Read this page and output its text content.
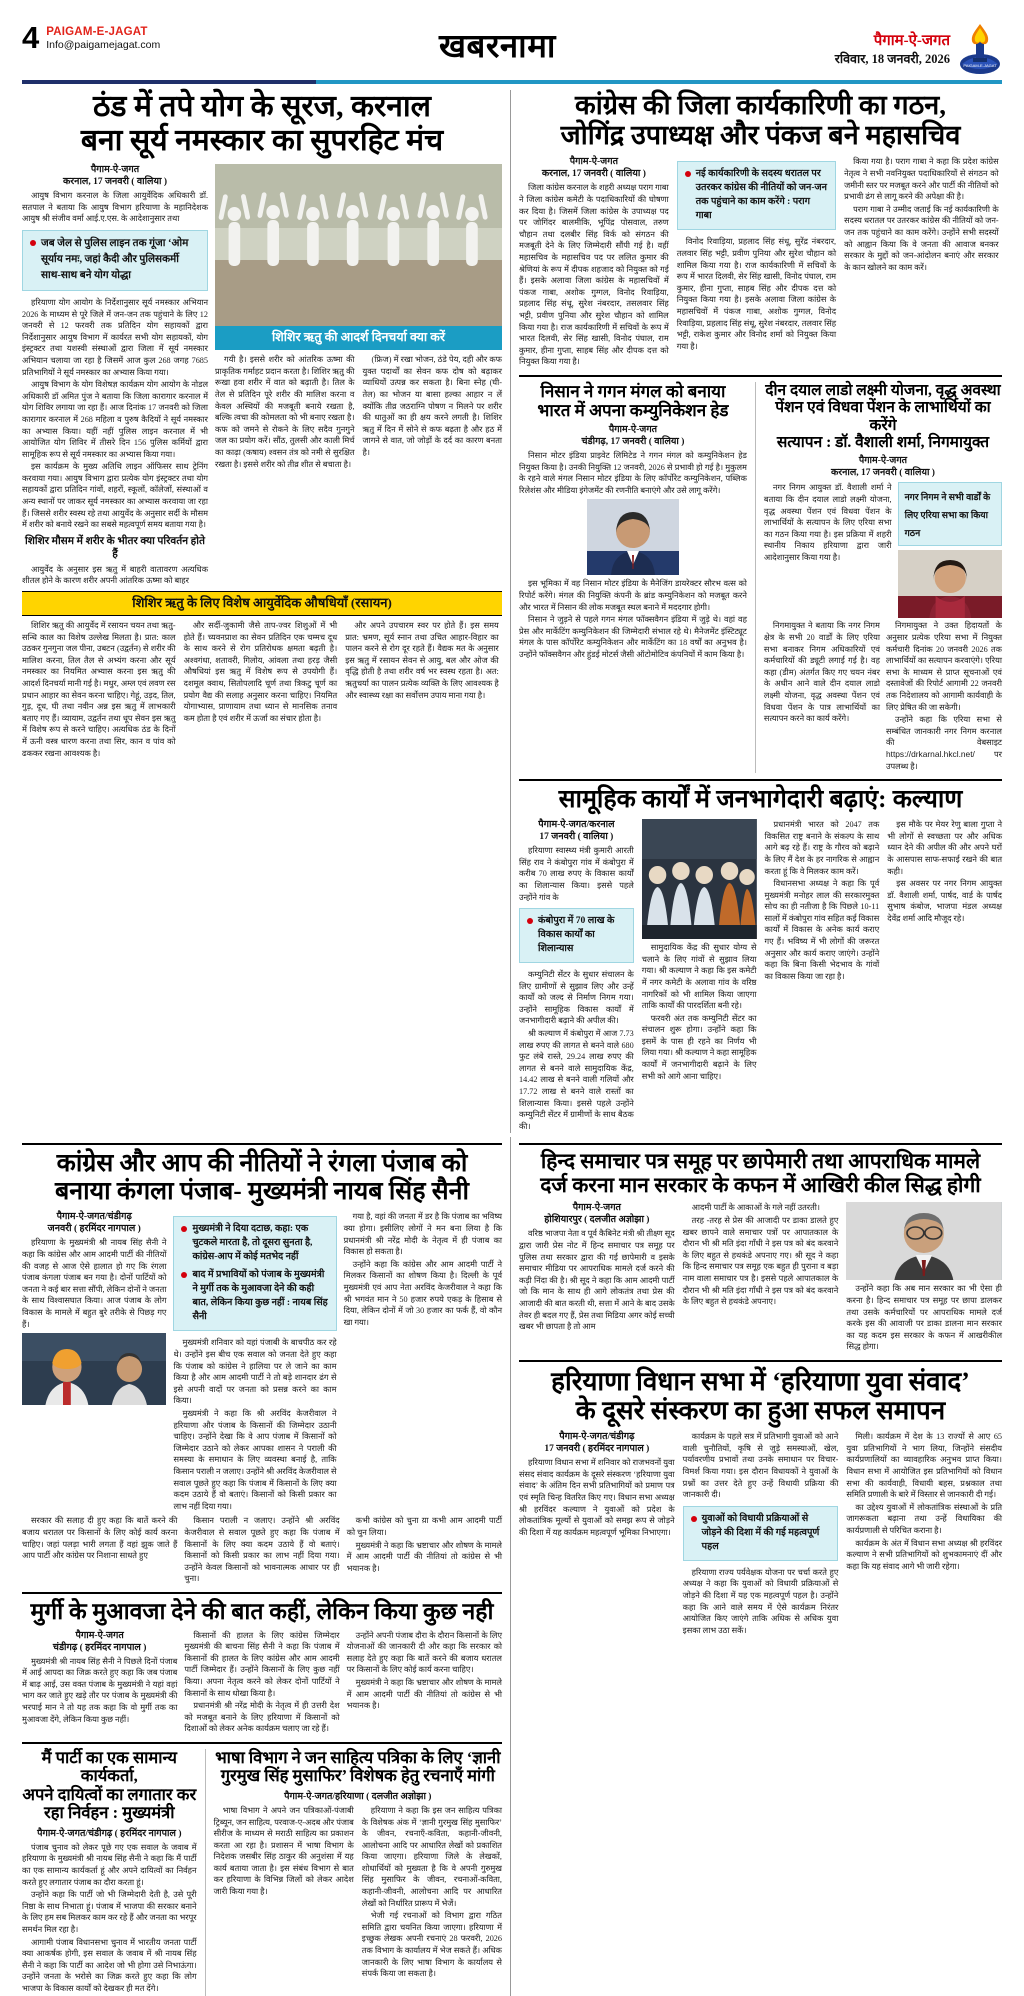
4 PAIGAM-E-JAGAT
Info@paigamejagat.com	खबरनामा	पैगाम-ऐ-जगत
रविवार, 18 जनवरी, 2026	PAIGAM-E-JAGAT
ठंड में तपे योग के सूरज, करनाल
बना सूर्य नमस्कार का सुपरहिट मंच
पैगाम-ऐ-जगत
करनाल, 17 जनवरी ( वालिया )

आयुष विभाग करनाल के जिला आयुर्वेदिक अधिकारी डॉ. सतपाल ने बताया कि आयुष विभाग हरियाणा के महानिदेशक आयुष श्री संजीव वर्मा आई.ए.एस. के आदेशानुसार तथा

जब जेल से पुलिस लाइन तक गूंजा ‘ओम सूर्याय नमः, जहां कैदी और पुलिसकर्मी साथ-साथ बने योग योद्धा

हरियाणा योग आयोग के निर्देशानुसार सूर्य नमस्कार अभियान 2026 के माध्यम से पूरे जिले में जन-जन तक पहुंचाने के लिए 12 जनवरी से 12 फरवरी तक प्रतिदिन योग सहायकों द्वारा निर्देशानुसार आयुष विभाग में कार्यरत सभी योग सहायकों, योग इंस्ट्रक्टर तथा यशस्वी संस्थाओं द्वारा जिला में सूर्य नमस्कार अभियान चलाया जा रहा है जिसमें आज कुल 268 जगह 7685 प्रतिभागियों ने सूर्य नमस्कार का अभ्यास किया गया।

आयुष विभाग के योग विशेषज्ञ कार्यक्रम योग आयोग के नोडल अधिकारी डॉ अमित पुंज ने बताया कि जिला कारागार करनाल में योग शिविर लगाया जा रहा हैं। आज दिनांक 17 जनवरी को जिला कारागार करनाल में 268 महिला व पुरुष कैदियों ने सूर्य नमस्कार का अभ्यास किया। यहीं नहीं पुलिस लाइन करनाल में भी आयोजित योग शिविर में तीसरे दिन 156 पुलिस कर्मियों द्वारा सामूहिक रूप से सूर्य नमस्कार का अभ्यास किया गया।

इस कार्यक्रम के मुख्य अतिथि लाइन ऑफिसर साथ ट्रेनिंग करवाया गया। आयुष विभाग द्वारा प्रत्येक योग इंस्ट्रक्टर तथा योग सहायकों द्वारा प्रतिदिन गांवों, शहरों, स्कूलों, कॉलेजों, संस्थाओं व अन्य स्थानों पर जाकर सूर्य नमस्कार का अभ्यास करवाया जा रहा हैं। जिससे शरीर स्वस्थ रहे तथा आयुर्वेद के अनुसार सर्दी के मौसम में शरीर को बनाये रखने का सबसे महत्वपूर्ण समय बताया गया है।

शिशिर मौसम में शरीर के भीतर क्या परिवर्तन होते हैं

आयुर्वेद के अनुसार इस ऋतु में बाहरी वातावरण अत्यधिक शीतल होने के कारण शरीर अपनी आंतरिक ऊष्मा को बाहर

शिशिर ऋतु की आदर्श दिनचर्या क्या करें

गयी है। इससे शरीर को आंतरिक ऊष्मा की प्राकृतिक गर्माहट प्रदान करता है। शिशिर ऋतु की रूखा हवा शरीर में वात को बढ़ाती है। तिल के तेल से प्रतिदिन पूरे शरीर की मालिश करना व केवल अस्थियों की मजबूती बनाये रखता है, बल्कि त्वचा की कोमलता को भी बनाए रखता है। कफ को जमने से रोकने के लिए सदैव गुनगुने जल का प्रयोग करें। सौंठ, तुलसी और काली मिर्च का काढ़ा (कषाय) श्वसन तंत्र को नमी से सुरक्षित रखता है। इससे शरीर को तीव्र शीत से बचाता है।

(फ्रिज) में रखा भोजन, ठंडे पेय, दही और कफ युक्त पदार्थों का सेवन कफ दोष को बढ़ाकर व्याधियों उत्पन्न कर सकता है। बिना स्नेह (घी-तेल) का भोजन या बासा हल्का आहार न लें क्योंकि तीव्र जठराग्नि पोषण न मिलने पर शरीर की धातुओं का ही क्षय करने लगती है। शिशिर ऋतु में दिन में सोने से कफ बढ़ता है और हठ में जागने से वात, जो जोड़ों के दर्द का कारण बनता है।

शिशिर ऋतु के लिए विशेष आयुर्वेदिक औषधियाँ (रसायन)

शिशिर ऋतु की आयुर्वेद में रसायन चयन तथा ऋतु-सन्धि काल का विशेष उल्लेख मिलता है। प्रात: काल उठकर गुनगुना जल पीना, उबटन (उद्वर्तन) से शरीर की मालिश करना, तिल तैल से अभ्यंग करना और सूर्य नमस्कार का नियमित अभ्यास करना इस ऋतु की आदर्श दिनचर्या मानी गई है। मधुर, अम्ल एवं लवण रस प्रधान आहार का सेवन करना चाहिए। गेहूं, उड़द, तिल, गुड़, दूध, घी तथा नवीन अन्न इस ऋतु में लाभकारी बताए गए हैं। व्यायाम, उद्वर्तन तथा धूप सेवन इस ऋतु में विशेष रूप से करने चाहिए। अत्यधिक ठंड के दिनों में ऊनी वस्त्र धारण करना तथा सिर, कान व पांव को ढककर रखना आवश्यक है।

और सर्दी-जुकामी जैसे ताप-ज्वर शिशुओं में भी होते हैं। च्यवनप्राश का सेवन प्रतिदिन एक चम्मच दूध के साथ करने से रोग प्रतिरोधक क्षमता बढ़ती है। अश्वगंधा, शतावरी, गिलोय, आंवला तथा हरड़ जैसी औषधियां इस ऋतु में विशेष रूप से उपयोगी हैं। दशमूल क्वाथ, सितोपलादि चूर्ण तथा त्रिकटु चूर्ण का प्रयोग वैद्य की सलाह अनुसार करना चाहिए। नियमित योगाभ्यास, प्राणायाम तथा ध्यान से मानसिक तनाव कम होता है एवं शरीर में ऊर्जा का संचार होता है।

और अपने उपचारम स्वर पर होते हैं। इस समय प्रात: भ्रमण, सूर्य स्नान तथा उचित आहार-विहार का पालन करने से रोग दूर रहते हैं। वैद्यक मत के अनुसार इस ऋतु में रसायन सेवन से आयु, बल और ओज की वृद्धि होती है तथा शरीर वर्ष भर स्वस्थ रहता है। अत: ऋतुचर्या का पालन प्रत्येक व्यक्ति के लिए आवश्यक है और स्वास्थ्य रक्षा का सर्वोत्तम उपाय माना गया है।

कांग्रेस की जिला कार्यकारिणी का गठन,
जोगिंद्र उपाध्यक्ष और पंकज बने महासचिव
पैगाम-ऐ-जगत
करनाल, 17 जनवरी ( वालिया )

जिला कांग्रेस करनाल के शहरी अध्यक्ष पराग गाबा ने जिला कांग्रेस कमेटी के पदाधिकारियों की घोषणा कर दिया है। जिसमें जिला कांग्रेस के उपाध्यक्ष पद पर जोगिंदर बालमीकि, भूपिंद्र पोसवाल, तरुण चौहान तथा दलबीर सिंह विर्क को संगठन की मजबूती देने के लिए जिम्मेदारी सौंपी गई है। वहीं महासचिव के महासचिव पद पर ललित कुमार की श्रेणियां के रूप में दीपक शहजाद को नियुक्त को गई हैं। इसके अलावा जिला कांग्रेस के महासचिवों में पंकज गाबा, अशोक गुग्गल, विनोद रिवाड़िया, प्रहलाद सिंह संधू, सुरेश नंबरदार, तसलवार सिंह भट्टी, प्रवीण पुनिया और सुरेश चौहान को शामिल किया गया है। राज कार्यकारिणी में सचिवों के रूप में भारत दिलवी, सेर सिंह खासी, विनोद पंघाल, राम कुमार, हीना गुप्ता, साहब सिंह और दीपक दत्त को नियुक्त किया गया है।

नई कार्यकारिणी के सदस्य धरातल पर उतरकर कांग्रेस की नीतियों को जन-जन तक पहुंचाने का काम करेंगे : पराग गाबा

विनोद रिवाड़िया, प्रहलाद सिंह संधू, सुरेंद्र नंबरदार, तलवार सिंह भट्टी, प्रवीण पुनिया और सुरेश चौहान को शामिल किया गया है। राज कार्यकारिणी में सचिवों के रूप में भारत दिलवी, सेर सिंह खासी, विनोद पंघाल, राम कुमार, हीना गुप्ता, साहब सिंह और दीपक दत्त को नियुक्त किया गया है। इसके अलावा जिला कांग्रेस के महासचिवों में पंकज गाबा, अशोक गुग्गल, विनोद रिवाड़िया, प्रहलाद सिंह संधू, सुरेश नंबरदार, तलवार सिंह भट्टी, राकेश कुमार और विनोद शर्मा को नियुक्त किया गया है।

किया गया है। पराग गाबा ने कहा कि प्रदेश कांग्रेस नेतृत्व ने सभी नवनियुक्त पदाधिकारियों से संगठन को जमीनी स्तर पर मजबूत करने और पार्टी की नीतियों को प्रभावी ढंग से लागू करने की अपेक्षा की है।

पराग गाबा ने उम्मीद जताई कि नई कार्यकारिणी के सदस्य धरातल पर उतरकर कांग्रेस की नीतियों को जन-जन तक पहुंचाने का काम करेंगे। उन्होंने सभी सदस्यों को आह्वान किया कि वे जनता की आवाज बनकर सरकार के मुद्दों को जन-आंदोलन बनाएं और सरकार के कान खोलने का काम करें।

निसान ने गगन मंगल को बनाया
भारत में अपना कम्युनिकेशन हेड
पैगाम-ऐ-जगत
चंडीगढ़, 17 जनवरी ( वालिया )

निसान मोटर इंडिया प्राइवेट लिमिटेड ने गगन मंगल को कम्युनिकेशन हेड नियुक्त किया है। उनकी नियुक्ति 12 जनवरी, 2026 से प्रभावी हो गई है। मुकुलम के रहने वाले मंगल निसान मोटर इंडिया के लिए कॉर्पोरेट कम्युनिकेशन, पब्लिक रिलेशंस और मीडिया इंगेजमेंट की रणनीति बनाएंगे और उसे लागू करेंगे।

इस भूमिका में वह निसान मोटर इंडिया के मैनेजिंग डायरेक्टर सौरभ वत्स को रिपोर्ट करेंगे। मंगल की नियुक्ति कंपनी के ब्रांड कम्युनिकेशन को मजबूत करने और भारत में निसान की लोक मजबूत स्थल बनाने में मददगार होगी।

निसान ने जुड़ने से पहले गगन मंगल फॉक्सवैगन इंडिया में जुड़े थे। वहां वह प्रेस और मार्केटिंग कम्युनिकेशन की जिम्मेदारी संभाल रहे थे। मैनेजमेंट इंस्टिट्यूट मंगल के पास कॉर्पोरेट कम्युनिकेशन और मार्केटिंग का 18 वर्षों का अनुभव है। उन्होंने फॉक्सवैगन और हुंडई मोटर्स जैसी ऑटोमोटिव कंपनियों में काम किया है।

दीन दयाल लाडो लक्ष्मी योजना, वृद्ध अवस्था
पेंशन एवं विधवा पेंशन के लाभार्थियों का करेंगे
सत्यापन : डॉ. वैशाली शर्मा, निगमायुक्त
पैगाम-ऐ-जगत
करनाल, 17 जनवरी ( वालिया )

नगर निगम आयुक्त डॉ. वैशाली शर्मा ने बताया कि दीन दयाल लाडो लक्ष्मी योजना, वृद्ध अवस्था पेंशन एवं विधवा पेंशन के लाभार्थियों के सत्यापन के लिए एरिया सभा का गठन किया गया है। इस प्रक्रिया में शहरी स्थानीय निकाय हरियाणा द्वारा जारी आदेशानुसार किया गया है।

नगर निगम ने सभी वार्डों के लिए एरिया सभा का किया गठन

निगमायुक्त ने बताया कि नगर निगम क्षेत्र के सभी 20 वार्डों के लिए एरिया सभा बनाकर निगम अधिकारियों एवं कर्मचारियों की ड्यूटी लगाई गई है। वह कहा (डीम) अंतर्गत किए गए चयन नंबर के अधीन आने वाले दीन दयाल लाडो लक्ष्मी योजना, वृद्ध अवस्था पेंशन एवं विधवा पेंशन के पात्र लाभार्थियों का सत्यापन करने का कार्य करेंगे।

निगमायुक्त ने उक्त हिदायतों के अनुसार प्रत्येक एरिया सभा में नियुक्त कर्मचारी दिनांक 20 जनवरी 2026 तक लाभार्थियों का सत्यापन करवाएंगे। एरिया सभा के माध्यम से प्राप्त सूचनाओं एवं दस्तावेजों की रिपोर्ट आगामी 22 जनवरी तक निदेशालय को आगामी कार्यवाही के लिए प्रेषित की जा सकेगी।

उन्होंने कहा कि एरिया सभा से सम्बंधित जानकारी नगर निगम करनाल की वेबसाइट https://drkarnal.hkcl.net/ पर उपलब्ध है।

सामूहिक कार्यों में जनभागेदारी बढ़ाएं: कल्याण
पैगाम-ऐ-जगत/करनाल
17 जनवरी ( वालिया )

हरियाणा स्वास्थ्य मंत्री कुमारी आरती सिंह राव ने कंबोपुरा गांव में कंबोपुरा में करीब 70 लाख रुपए के विकास कार्यों का शिलान्यास किया। इससे पहले उन्होंने गांव के

कंबोपुरा में 70 लाख के विकास कार्यों का शिलान्यास

कम्युनिटी सेंटर के सुधार संचालन के लिए ग्रामीणों से सुझाव लिए और उन्हें कार्यों को जल्द से निर्माण निगम गया। उन्होंने सामूहिक विकास कार्यों में जनभागीदारी बढ़ाने की अपील की।

श्री कल्याण में कंबोपुरा में आज 7.73 लाख रुपए की लागत से बनने वाले 680 फुट लंबे रास्ते, 29.24 लाख रुपए की लागत से बनने वाले सामुदायिक केंद्र, 14.42 लाख से बनने वाली गलियों और 17.72 लाख से बनने वाले रास्तों का शिलान्यास किया। इससे पहले उन्होंने कम्युनिटी सेंटर में ग्रामीणों के साथ बैठक की।

सामुदायिक केंद्र की सुधार योग्य से चलाने के लिए गांवों से सुझाव लिया गया। श्री कल्याण ने कहा कि इस कमेटी में नगर कमेटी के अलावा गांव के वरिष्ठ नागरिकों को भी शामिल किया जाएगा ताकि कार्यों की पारदर्शिता बनी रहे।

फरवरी अंत तक कम्युनिटी सेंटर का संचालन शुरू होगा। उन्होंने कहा कि इसमें के पास ही रहने का निर्णय भी लिया गया। श्री कल्याण ने कहा सामूहिक कार्यों में जनभागीदारी बढ़ाने के लिए सभी को आगे आना चाहिए।

प्रधानमंत्री भारत को 2047 तक विकसित राष्ट्र बनाने के संकल्प के साथ आगे बढ़ रहे हैं। राष्ट्र के गौरव को बढ़ाने के लिए मैं देश के हर नागरिक से आह्वान करता हूं कि वे मिलकर काम करें।

विधानसभा अध्यक्ष ने कहा कि पूर्व मुख्यमंत्री मनोहर लाल की सरकारमुक्त सोच का ही नतीजा है कि पिछले 10-11 सालों में कंबोपुरा गांव सहित कई विकास कार्यों में विकास के अनेक कार्य कराए गए हैं। भविष्य में भी लोगों की जरूरत अनुसार और कार्य कराए जाएंगे। उन्होंने कहा कि बिना किसी भेदभाव के गांवों का विकास किया जा रहा है।

इस मौके पर मेयर रेणु बाला गुप्ता ने भी लोगों से स्वच्छता पर और अधिक ध्यान देने की अपील की और अपने घरों के आसपास साफ-सफाई रखने की बात कही।

इस अवसर पर नगर निगम आयुक्त डॉ. वैशाली शर्मा, पार्षद, वार्ड के पार्षद सुभाष कंबोज, भाजपा मंडल अध्यक्ष देवेंद्र शर्मा आदि मौजूद रहे।

कांग्रेस और आप की नीतियों ने रंगला पंजाब को
बनाया कंगला पंजाब- मुख्यमंत्री नायब सिंह सैनी
पैगाम-ऐ-जगत/चंडीगढ़
जनवरी ( हरमिंदर नागपाल )

हरियाणा के मुख्यमंत्री श्री नायब सिंह सैनी ने कहा कि कांग्रेस और आम आदमी पार्टी की नीतियों की वजह से आज ऐसे हालात हो गए कि रंगला पंजाब कंगला पंजाब बन गया है। दोनों पार्टियों को जनता ने कई बार सत्ता सौंपी, लेकिन दोनों ने जनता के साथ विश्वासघात किया। आज पंजाब के लोग विकास के मामले में बहुत बुरे तरीके से पिछड़ गए हैं।

मुख्यमंत्री ने दिया दटाछ, कहा: एक चुटकले मारता है, तो दूसरा सुनता है, कांग्रेस-आप में कोई मतभेद नहीं
बाद में प्रभावियों को पंजाब के मुख्यमंत्री ने मुर्गी तक के मुआवजा देने की कही बात, लेकिन किया कुछ नहीं : नायब सिंह सैनी

मुख्यमंत्री शनिवार को यहां पंजाबी के बाचपीठ कर रहे थे। उन्होंने इस बीच एक सवाल को जनता देते हुए कहा कि पंजाब को कांग्रेस ने हालिया पर ले जाने का काम किया है और आम आदमी पार्टी ने तो बड़े शानदार ढंग से इसे अपनी वादों पर जनता को प्रसन्न करने का काम किया।

मुख्यमंत्री ने कहा कि श्री अरविंद केजरीवाल ने हरियाणा और पंजाब के किसानों की जिम्मेदार उठानी चाहिए। उन्होंने देखा कि वे आप पंजाब में किसानों को जिम्मेदार उठाने को लेकर आपका शासन ने पराली की समस्या के समाधान के लिए व्यवस्था बनाई है, ताकि किसान पराली न जलाए। उन्होंने श्री अरविंद केजरीवाल से सवाल पूछते हुए कहा कि पंजाब में किसानों के लिए क्या कदम उठाये हैं वो बताएं। किसानों को किसी प्रकार का लाभ नहीं दिया गया।

गया है, वहां की जनता में डर है कि पंजाब का भविष्य क्या होगा। इसीलिए लोगों ने मन बना लिया है कि प्रधानमंत्री श्री नरेंद्र मोदी के नेतृत्व में ही पंजाब का विकास हो सकता है।

उन्होंने कहा कि कांग्रेस और आम आदमी पार्टी ने मिलकर किसानों का शोषण किया है। दिल्ली के पूर्व मुख्यमंत्री एवं आप नेता अरविंद केजरीवाल ने कहा कि श्री भगवंत मान ने 50 हजार रुपये एकड़ के हिसाब से दिया, लेकिन दोनों में जो 30 हजार का फर्क हैं, वो कौन खा गया।

सरकार की सलाह दी हुए कहा कि बातें करने की बजाय धरातल पर किसानों के लिए कोई कार्य करना चाहिए। जहां पलड़ा भारी लगता हैं वहां झुक जाते हैं आप पार्टी और कांग्रेस पर निशाना साधते हुए

किसान पराली न जलाए। उन्होंने श्री अरविंद केजरीवाल से सवाल पूछते हुए कहा कि पंजाब में किसानों के लिए क्या कदम उठाये हैं वो बताएं। किसानों को किसी प्रकार का लाभ नहीं दिया गया। उन्होंने केवल किसानों को भावनात्मक आधार पर ही चुना।

कभी कांग्रेस को चुना य़ा कभी आम आदमी पार्टी को चुन लिया।

मुख्यमंत्री ने कहा कि भ्रष्टाचार और शोषण के मामले में आम आदमी पार्टी की नीतियां तो कांग्रेस से भी भयानक है।

मुर्गी के मुआवजा देने की बात कहीं, लेकिन किया कुछ नही
पैगाम-ऐ-जगत
चंडीगढ़ ( हरमिंदर नागपाल )

मुख्यमंत्री श्री नायब सिंह सैनी ने पिछले दिनों पंजाब में आई आपदा का जिक्र करते हुए कहा कि जब पंजाब में बाढ़ आई, उस वक्त पंजाब के मुख्यमंत्री ने यहां वहां भाग कर जाते हुए खड़े तौर पर पंजाब के मुख्यमंत्री की भरपाई मान ने तो यह तक कहा कि वो मुर्गी तक का मुआवजा देंगे, लेकिन किया कुछ नहीं।

किसानों की हालत के लिए कांग्रेस जिम्मेदार मुख्यमंत्री की बाचना सिंह सैनी ने कहा कि पंजाब में किसानों की हालत के लिए कांग्रेस और आम आदमी पार्टी जिम्मेदार हैं। उन्होंने किसानों के लिए कुछ नहीं किया। अपना नेतृत्व करने को लेकर दोनों पार्टियों ने किसानों के साथ धोखा किया है।

प्रधानमंत्री श्री नरेंद्र मोदी के नेतृत्व में ही उत्तरी देश को मजबूत बनाने के लिए हरियाणा में किसानों को दिशाओं को लेकर अनेक कार्यक्रम चलाए जा रहे हैं।

उन्होंने अपनी पंजाब दौरा के दौरान किसानों के लिए योजनाओं की जानकारी दी और कहा कि सरकार को सलाह देते हुए कहा कि बातें करने की बजाय धरातल पर किसानों के लिए कोई कार्य करना चाहिए।

मुख्यमंत्री ने कहा कि भ्रष्टाचार और शोषण के मामले में आम आदमी पार्टी की नीतियां तो कांग्रेस से भी भयानक है।

मैं पार्टी का एक सामान्य कार्यकर्ता,
अपने दायित्वों का लगातार कर
रहा निर्वहन : मुख्यमंत्री
पैगाम-ऐ-जगत/चंडीगढ़ ( हरमिंदर नागपाल )

पंजाब चुनाव को लेकर पूछे गए एक सवाल के जवाब में हरियाणा के मुख्यमंत्री श्री नायब सिंह सैनी ने कहा कि मैं पार्टी का एक सामान्य कार्यकर्ता हूं और अपने दायित्वों का निर्वहन करते हुए लगातार पंजाब का दौरा करता हूं।

उन्होंने कहा कि पार्टी जो भी जिम्मेदारी देती है, उसे पूरी निष्ठा के साथ निभाता हूं। पंजाब में भाजपा की सरकार बनाने के लिए हम सब मिलकर काम कर रहे हैं और जनता का भरपूर समर्थन मिल रहा है।

आगामी पंजाब विधानसभा चुनाव में भारतीय जनता पार्टी क्या आकर्षक होगी, इस सवाल के जवाब में श्री नायब सिंह सैनी ने कहा कि पार्टी का आदेश जो भी होगा उसे निभाऊंगा। उन्होंने जनता के भरोसे का जिक्र करते हुए कहा कि लोग भाजपा के विकास कार्यों को देखकर ही मत देंगे।

भाषा विभाग ने जन साहित्य पत्रिका के लिए ‘ज्ञानी
गुरमुख सिंह मुसाफिर’ विशेषक हेतु रचनाएँ मांगी
पैगाम-ऐ-जगत/हरियाणा ( दलजीत अज्ञोझा )

भाषा विभाग ने अपने जन पत्रिकाओं-पंजाबी ट्रिब्यून, जन साहित्य, परवाज-ए-अदब और पंजाब सीरीज के माध्यम से मराठी साहित्य का प्रकाशन करता आ रहा है। प्रशासन में भाषा विभाग के निदेशक जसबीर सिंह ठाकुर की अनुशंसा में यह कार्य बताया जाता है। इस संबंध विभाग से बात कर हरियाणा के विभिन्न जिलों को लेकर आदेश जारी किया गया है।

हरियाणा ने कहा कि इस जन साहित्य पत्रिका के विशेषक अंक में ‘ज्ञानी गुरमुख सिंह मुसाफिर’ के जीवन, रचनाएँ-कविता, कहानी-जीवनी, आलोचना आदि पर आधारित लेखों को प्रकाशित किया जाएगा। हरियाणा जिले के लेखकों, शोधार्थियों को मुख्यता है कि वे अपनी गुरुमुख सिंह मुसाफिर के जीवन, रचनाओं-कविता, कहानी-जीवनी, आलोचना आदि पर आधारित लेखों को निर्धारित प्रारूप में भेजें।

भेजी गई रचनाओं को विभाग द्वारा गठित समिति द्वारा चयनित किया जाएगा। हरियाणा में इच्छुक लेखक अपनी रचनाएं 28 फरवरी, 2026 तक विभाग के कार्यालय में भेज सकते हैं। अधिक जानकारी के लिए भाषा विभाग के कार्यालय से संपर्क किया जा सकता है।

हिन्द समाचार पत्र समूह पर छापेमारी तथा आपराधिक मामले
दर्ज करना मान सरकार के कफन में आखिरी कील सिद्ध होगी
पैगाम-ऐ-जगत
होशियारपुर ( दलजीत अज्ञोझा )

वरिष्ठ भाजपा नेता व पूर्व कैबिनेट मंत्री श्री तीक्ष्ण सूद द्वारा जारी प्रेस नोट में हिन्द समाचार पत्र समूह पर पुलिस तथा सरकार द्वारा की गई छापेमारी व इसके समाचार मीडिया पर आपराधिक मामले दर्ज करने की कड़ी निंदा की है। श्री सूद ने कहा कि आम आदमी पार्टी जो कि मान के साथ ही आगे लोकतंत्र तथा प्रेस की आजादी की बात करती थी, सत्ता में आने के बाद उसके तेवर ही बदल गए हैं, प्रेस तथा मिडिया अगर कोई सच्ची खबर भी छापता है तो आम

आदमी पार्टी के आकाओं के गले नहीं उतरती।

तरह -तरह से प्रेस की आजादी पर डाका डालते हुए खबर छापने वाले समाचार पत्रों पर आपातकाल के दौरान भी श्री मति इंदा गाँधी ने इस पत्र को बंद करवाने के लिए बहुत से हथकंडे अपनाए गए। श्री सूद ने कहा कि हिन्द समाचार पत्र समूह एक बहुत ही पुराना व बड़ा नाम वाला समाचार पत्र है। इससे पहले आपातकाल के दौरान भी श्री मति इंदा गाँधी ने इस पत्र को बंद करवाने के लिए बहुत से हथकंडे अपनाए।

उन्होंने कहा कि अब मान सरकार का भी ऐसा ही करना है। हिन्द समाचार पत्र समूह पर छापा डालकर तथा उसके कर्मचारियों पर आपराधिक मामले दर्ज करके इस की आवाजी पर डाका डालना मान सरकार का यह कदम इस सरकार के कफन में आखरीकील सिद्ध होगा।

हरियाणा विधान सभा में ‘हरियाणा युवा संवाद’
के दूसरे संस्करण का हुआ सफल समापन
पैगाम-ऐ-जगत/चंडीगढ़
17 जनवरी ( हरमिंदर नागपाल )

हरियाणा विधान सभा में शनिवार को राजभवनों युवा संसद संवाद कार्यक्रम के दूसरे संस्करण ‘हरियाणा युवा संवाद’ के अंतिम दिन सभी प्रतिभागियों को प्रमाण पत्र एवं स्मृति चिन्ह वितरित किए गए। विधान सभा अध्यक्ष श्री हरविंदर कल्याण ने युवाओं को प्रदेश के लोकतांत्रिक मूल्यों से युवाओं को समझ रूप से जोड़ने की दिशा में यह कार्यक्रम महत्वपूर्ण भूमिका निभाएगा।

कार्यक्रम के पहले सत्र में प्रतिभागी युवाओं को आने वाली चुनौतियों, कृषि से जुड़े समस्याओं, खेल, पर्यावरणीय प्रभावों तथा उनके समाधान पर विचार-विमर्श किया गया। इस दौरान विधायकों ने युवाओं के प्रश्नों का उत्तर देते हुए उन्हें विधायी प्रक्रिया की जानकारी दी।

युवाओं को विधायी प्रक्रियाओं से जोड़ने की दिशा में की गई महत्वपूर्ण पहल

हरियाणा राज्य पर्यवेक्षक योजना पर चर्चा करते हुए अध्यक्ष ने कहा कि युवाओं को विधायी प्रक्रियाओं से जोड़ने की दिशा में यह एक महत्वपूर्ण पहल है। उन्होंने कहा कि आने वाले समय में ऐसे कार्यक्रम निरंतर आयोजित किए जाएंगे ताकि अधिक से अधिक युवा इसका लाभ उठा सकें।

मिली। कार्यक्रम में देश के 13 राज्यों से आए 65 युवा प्रतिभागियों ने भाग लिया, जिन्होंने संसदीय कार्यप्रणालियों का व्यावहारिक अनुभव प्राप्त किया। विधान सभा में आयोजित इस प्रतिभागियों को विधान सभा की कार्यवाही, विधायी बहस, प्रश्नकाल तथा समिति प्रणाली के बारे में विस्तार से जानकारी दी गई।

का उद्देश्य युवाओं में लोकतांत्रिक संस्थाओं के प्रति जागरूकता बढ़ाना तथा उन्हें विधायिका की कार्यप्रणाली से परिचित कराना है।

कार्यक्रम के अंत में विधान सभा अध्यक्ष श्री हरविंदर कल्याण ने सभी प्रतिभागियों को शुभकामनाएं दीं और कहा कि यह संवाद आगे भी जारी रहेगा।
